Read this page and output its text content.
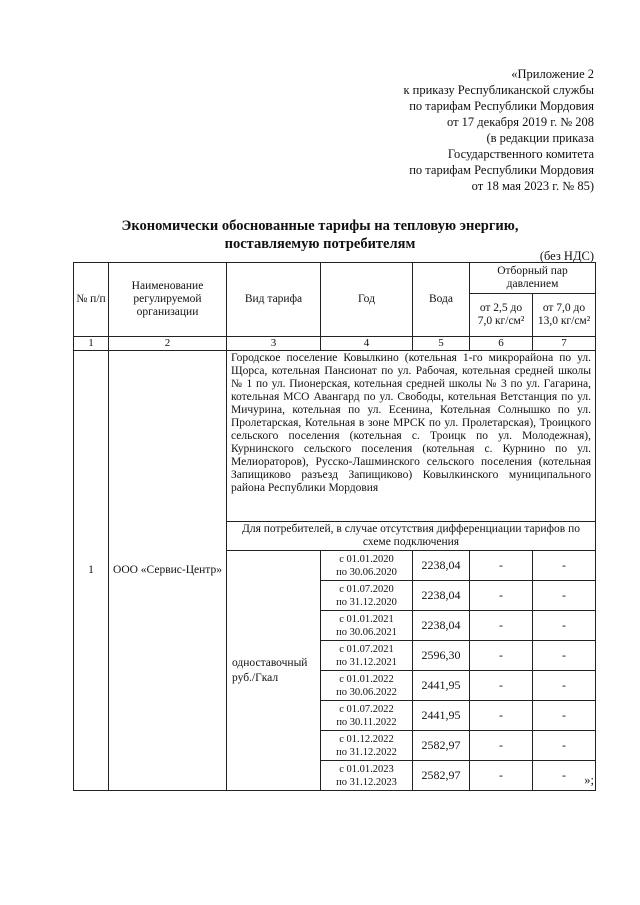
«Приложение 2
к приказу Республиканской службы
по тарифам Республики Мордовия
от 17 декабря 2019 г. № 208
(в редакции приказа
Государственного комитета
по тарифам Республики Мордовия
от 18 мая 2023 г. № 85)
Экономически обоснованные тарифы на тепловую энергию,
поставляемую потребителям
(без НДС)
№ п/п	Наименование регулируемой организации	Вид тарифа	Год	Вода	Отборный пар давлением	
					от 2,5 до 7,0 кг/см²	от 7,0 до 13,0 кг/см²
1	2	3	4	5	6	7
1	ООО «Сервис-Центр»	Городское поселение Ковылкино (котельная 1-го микрорайона по ул. Щорса, котельная Пансионат по ул. Рабочая, котельная средней школы № 1 по ул. Пионерская, котельная средней школы № 3 по ул. Гагарина, котельная МСО Авангард по ул. Свободы, котельная Ветстанция по ул. Мичурина, котельная по ул. Есенина, Котельная Солнышко по ул. Пролетарская, Котельная в зоне МРСК по ул. Пролетарская), Троицкого сельского поселения (котельная с. Троицк по ул. Молодежная), Курнинского сельского поселения (котельная с. Курнино по ул. Мелиораторов), Русско-Лашминского сельского поселения (котельная Запищиково разъезд Запищиково) Ковылкинского муниципального района Республики Мордовия				
		Для потребителей, в случае отсутствия дифференциации тарифов по схеме подключения				
		одноставочный руб./Гкал	с 01.01.2020
по 30.06.2020	2238,04	-	-

			с 01.07.2020
по 31.12.2020	2238,04	-	-

			с 01.01.2021
по 30.06.2021	2238,04	-	-

			с 01.07.2021
по 31.12.2021	2596,30	-	-

			с 01.01.2022
по 30.06.2022	2441,95	-	-

			с 01.07.2022
по 30.11.2022	2441,95	-	-

			с 01.12.2022
по 31.12.2022	2582,97	-	-

			с 01.01.2023
по 31.12.2023	2582,97	-	-	»;
